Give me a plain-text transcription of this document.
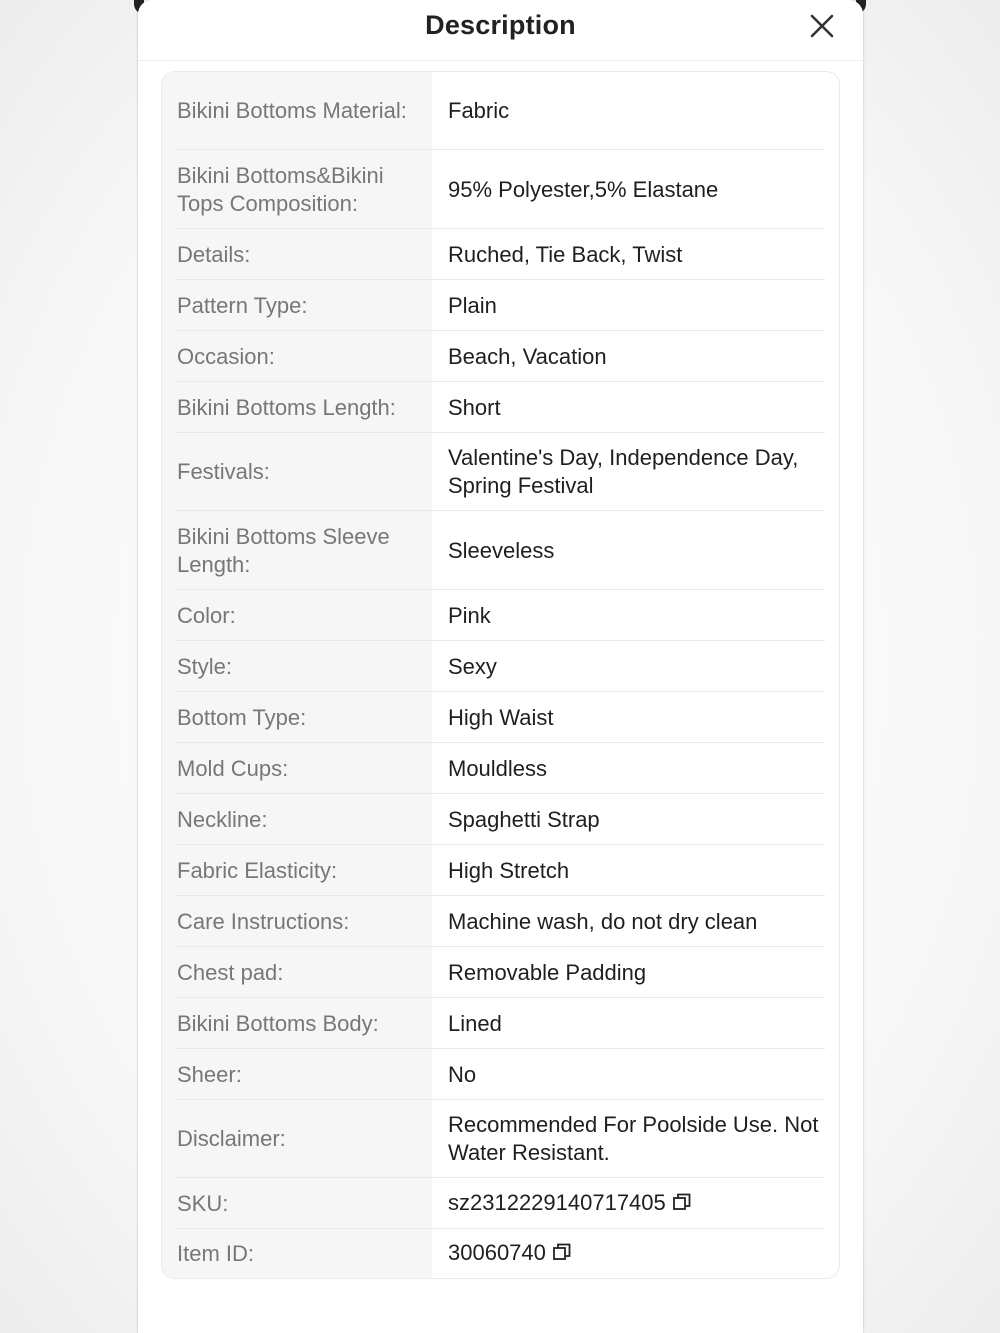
Description
Bikini Bottoms Material:	Fabric
Bikini Bottoms&Bikini Tops Composition:
95% Polyester,5% Elastane
Details:	Ruched, Tie Back, Twist
Pattern Type:	Plain
Occasion:	Beach, Vacation
Bikini Bottoms Length:	Short
Festivals:
Valentine's Day, Independence Day, Spring Festival
Bikini Bottoms Sleeve Length:
Sleeveless
Color:	Pink
Style:	Sexy
Bottom Type:	High Waist
Mold Cups:	Mouldless
Neckline:	Spaghetti Strap
Fabric Elasticity:	High Stretch
Care Instructions:	Machine wash, do not dry clean
Chest pad:	Removable Padding
Bikini Bottoms Body:	Lined
Sheer:	No
Disclaimer:
Recommended For Poolside Use. Not Water Resistant.
SKU:	sz2312229140717405
Item ID:	30060740
